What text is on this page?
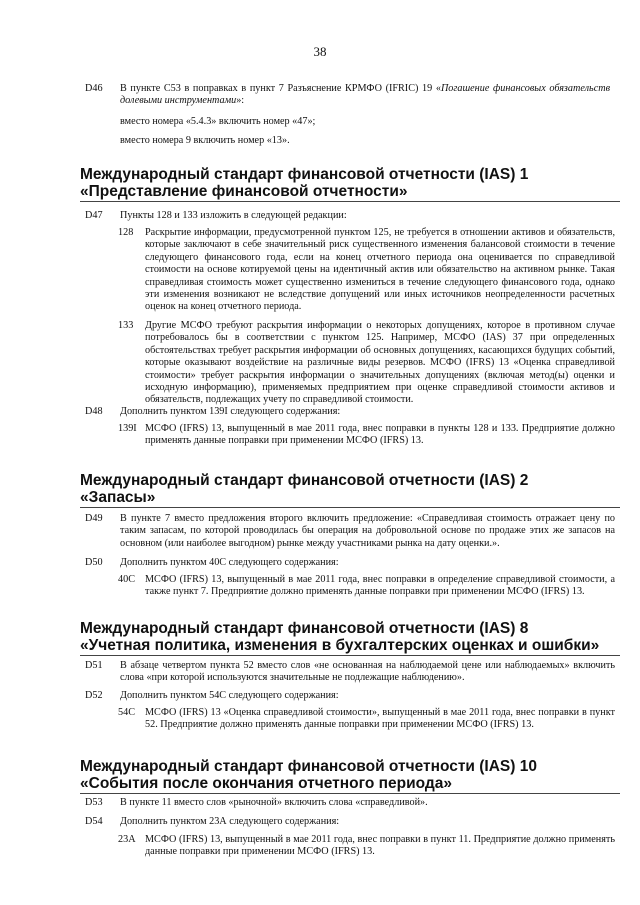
38
D46 В пункте С53 в поправках в пункт 7 Разъяснение КРМФО (IFRIC) 19 «Погашение финансовых обязательств долевыми инструментами»:
вместо номера «5.4.3» включить номер «47»;
вместо номера 9 включить номер «13».
Международный стандарт финансовой отчетности (IAS) 1
«Представление финансовой отчетности»
D47 Пункты 128 и 133 изложить в следующей редакции:
128 Раскрытие информации, предусмотренной пунктом 125, не требуется в отношении активов и обязательств, которые заключают в себе значительный риск существенного изменения балансовой стоимости в течение следующего финансового года, если на конец отчетного периода она оценивается по справедливой стоимости на основе котируемой цены на идентичный актив или обязательство на активном рынке. Такая справедливая стоимость может существенно измениться в течение следующего финансового года, однако эти изменения возникают не вследствие допущений или иных источников неопределенности расчетных оценок на конец отчетного периода.
133 Другие МСФО требуют раскрытия информации о некоторых допущениях, которое в противном случае потребовалось бы в соответствии с пунктом 125. Например, МСФО (IAS) 37 при определенных обстоятельствах требует раскрытия информации об основных допущениях, касающихся будущих событий, которые оказывают воздействие на различные виды резервов. МСФО (IFRS) 13 «Оценка справедливой стоимости» требует раскрытия информации о значительных допущениях (включая метод(ы) оценки и исходную информацию), применяемых предприятием при оценке справедливой стоимости активов и обязательств, подлежащих учету по справедливой стоимости.
D48 Дополнить пунктом 139I следующего содержания:
139I МСФО (IFRS) 13, выпущенный в мае 2011 года, внес поправки в пункты 128 и 133. Предприятие должно применять данные поправки при применении МСФО (IFRS) 13.
Международный стандарт финансовой отчетности (IAS) 2
«Запасы»
D49 В пункте 7 вместо предложения второго включить предложение: «Справедливая стоимость отражает цену по таким запасам, по которой проводилась бы операция на добровольной основе по продаже этих же запасов на основном (или наиболее выгодном) рынке между участниками рынка на дату оценки.».
D50 Дополнить пунктом 40С следующего содержания:
40С МСФО (IFRS) 13, выпущенный в мае 2011 года, внес поправки в определение справедливой стоимости, а также пункт 7. Предприятие должно применять данные поправки при применении МСФО (IFRS) 13.
Международный стандарт финансовой отчетности (IAS) 8
«Учетная политика, изменения в бухгалтерских оценках и ошибки»
D51 В абзаце четвертом пункта 52 вместо слов «не основанная на наблюдаемой цене или наблюдаемых» включить слова «при которой используются значительные не подлежащие наблюдению».
D52 Дополнить пунктом 54С следующего содержания:
54С МСФО (IFRS) 13 «Оценка справедливой стоимости», выпущенный в мае 2011 года, внес поправки в пункт 52. Предприятие должно применять данные поправки при применении МСФО (IFRS) 13.
Международный стандарт финансовой отчетности (IAS) 10
«События после окончания отчетного периода»
D53 В пункте 11 вместо слов «рыночной» включить слова «справедливой».
D54 Дополнить пунктом 23А следующего содержания:
23А МСФО (IFRS) 13, выпущенный в мае 2011 года, внес поправки в пункт 11. Предприятие должно применять данные поправки при применении МСФО (IFRS) 13.
